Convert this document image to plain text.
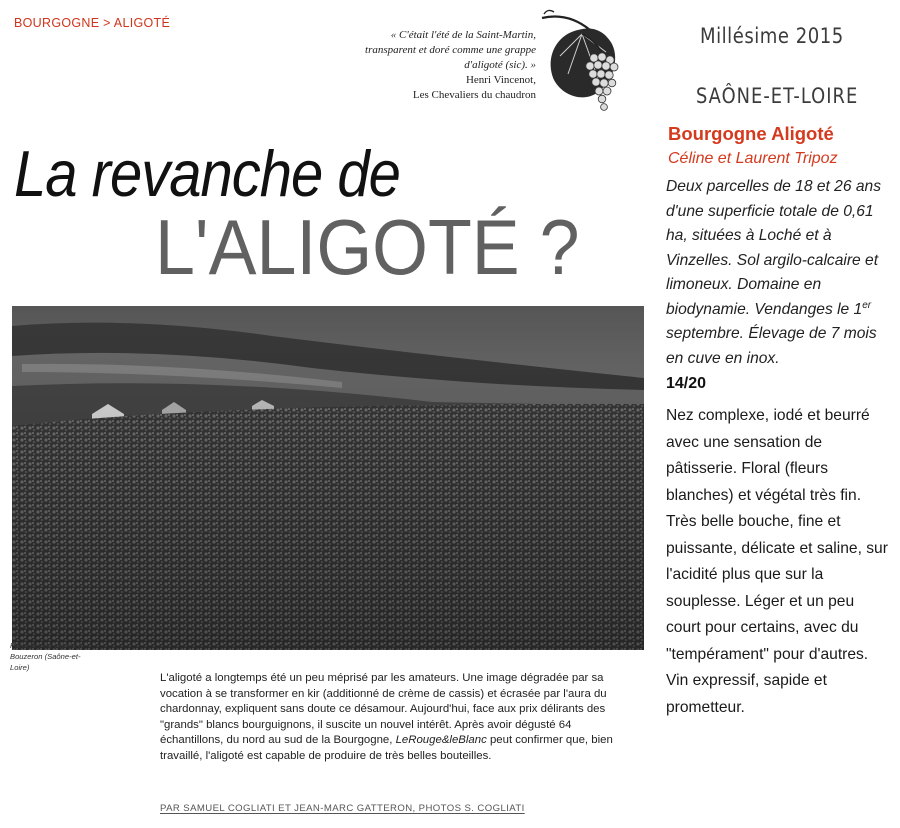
BOURGOGNE > ALIGOTÉ
« C'était l'été de la Saint-Martin, transparent et doré comme une grappe d'aligoté (sic). »
Henri Vincenot,
Les Chevaliers du chaudron
La revanche de
L'ALIGOTÉ ?
Parcelles de vignes à Bouzeron (Saône-et-Loire)
L'aligoté a longtemps été un peu méprisé par les amateurs. Une image dégradée par sa vocation à se transformer en kir (additionné de crème de cassis) et écrasée par l'aura du chardonnay, expliquent sans doute ce désamour. Aujourd'hui, face aux prix délirants des "grands" blancs bourguignons, il suscite un nouvel intérêt. Après avoir dégusté 64 échantillons, du nord au sud de la Bourgogne, LeRouge&leBlanc peut confirmer que, bien travaillé, l'aligoté est capable de produire de très belles bouteilles.
PAR SAMUEL COGLIATI ET JEAN-MARC GATTERON, PHOTOS S. COGLIATI
Millésime 2015
SAÔNE-ET-LOIRE
Bourgogne Aligoté
Céline et Laurent Tripoz
Deux parcelles de 18 et 26 ans d'une superficie totale de 0,61 ha, situées à Loché et à Vinzelles. Sol argilo-calcaire et limoneux. Domaine en biodynamie. Vendanges le 1er septembre. Élevage de 7 mois en cuve en inox.
14/20
Nez complexe, iodé et beurré avec une sensation de pâtisserie. Floral (fleurs blanches) et végétal très fin. Très belle bouche, fine et puissante, délicate et saline, sur l'acidité plus que sur la souplesse. Léger et un peu court pour certains, avec du "tempérament" pour d'autres. Vin expressif, sapide et prometteur.
